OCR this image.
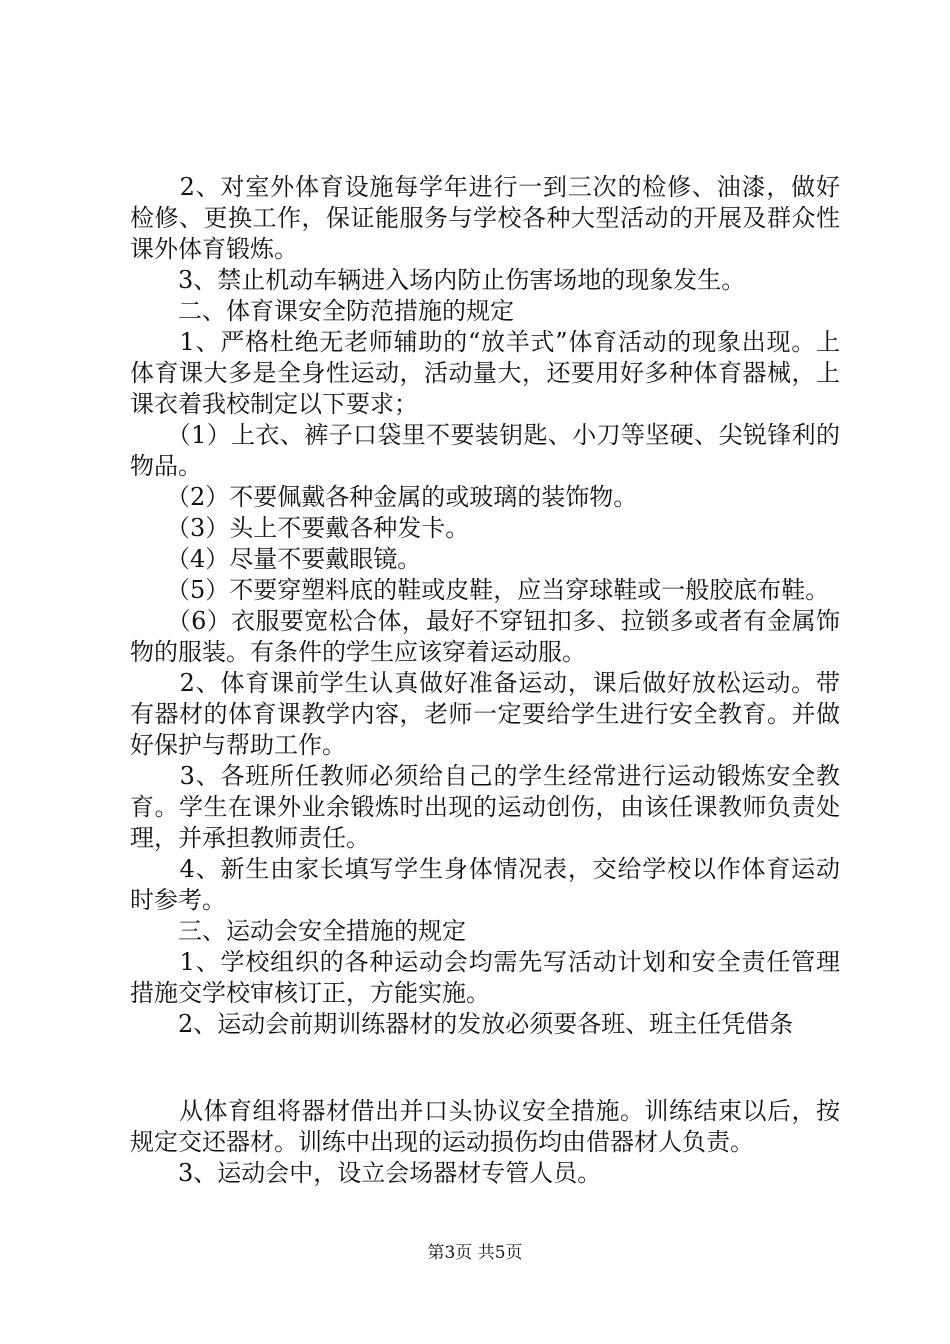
　　2、对室外体育设施每学年进行一到三次的检修、油漆，做好检修、更换工作，保证能服务与学校各种大型活动的开展及群众性课外体育锻炼。

　　3、禁止机动车辆进入场内防止伤害场地的现象发生。

　　二、体育课安全防范措施的规定

　　1、严格杜绝无老师辅助的“放羊式”体育活动的现象出现。上体育课大多是全身性运动，活动量大，还要用好多种体育器械，上课衣着我校制定以下要求；

　　（1）上衣、裤子口袋里不要装钥匙、小刀等坚硬、尖锐锋利的物品。

　　（2）不要佩戴各种金属的或玻璃的装饰物。

　　（3）头上不要戴各种发卡。

　　（4）尽量不要戴眼镜。

　　（5）不要穿塑料底的鞋或皮鞋，应当穿球鞋或一般胶底布鞋。

　　（6）衣服要宽松合体，最好不穿钮扣多、拉锁多或者有金属饰物的服装。有条件的学生应该穿着运动服。

　　2、体育课前学生认真做好准备运动，课后做好放松运动。带有器材的体育课教学内容，老师一定要给学生进行安全教育。并做好保护与帮助工作。

　　3、各班所任教师必须给自己的学生经常进行运动锻炼安全教育。学生在课外业余锻炼时出现的运动创伤，由该任课教师负责处理，并承担教师责任。

　　4、新生由家长填写学生身体情况表，交给学校以作体育运动时参考。

　　三、运动会安全措施的规定

　　1、学校组织的各种运动会均需先写活动计划和安全责任管理措施交学校审核订正，方能实施。

　　2、运动会前期训练器材的发放必须要各班、班主任凭借条

　　从体育组将器材借出并口头协议安全措施。训练结束以后，按规定交还器材。训练中出现的运动损伤均由借器材人负责。

　　3、运动会中，设立会场器材专管人员。

第3页 共5页
